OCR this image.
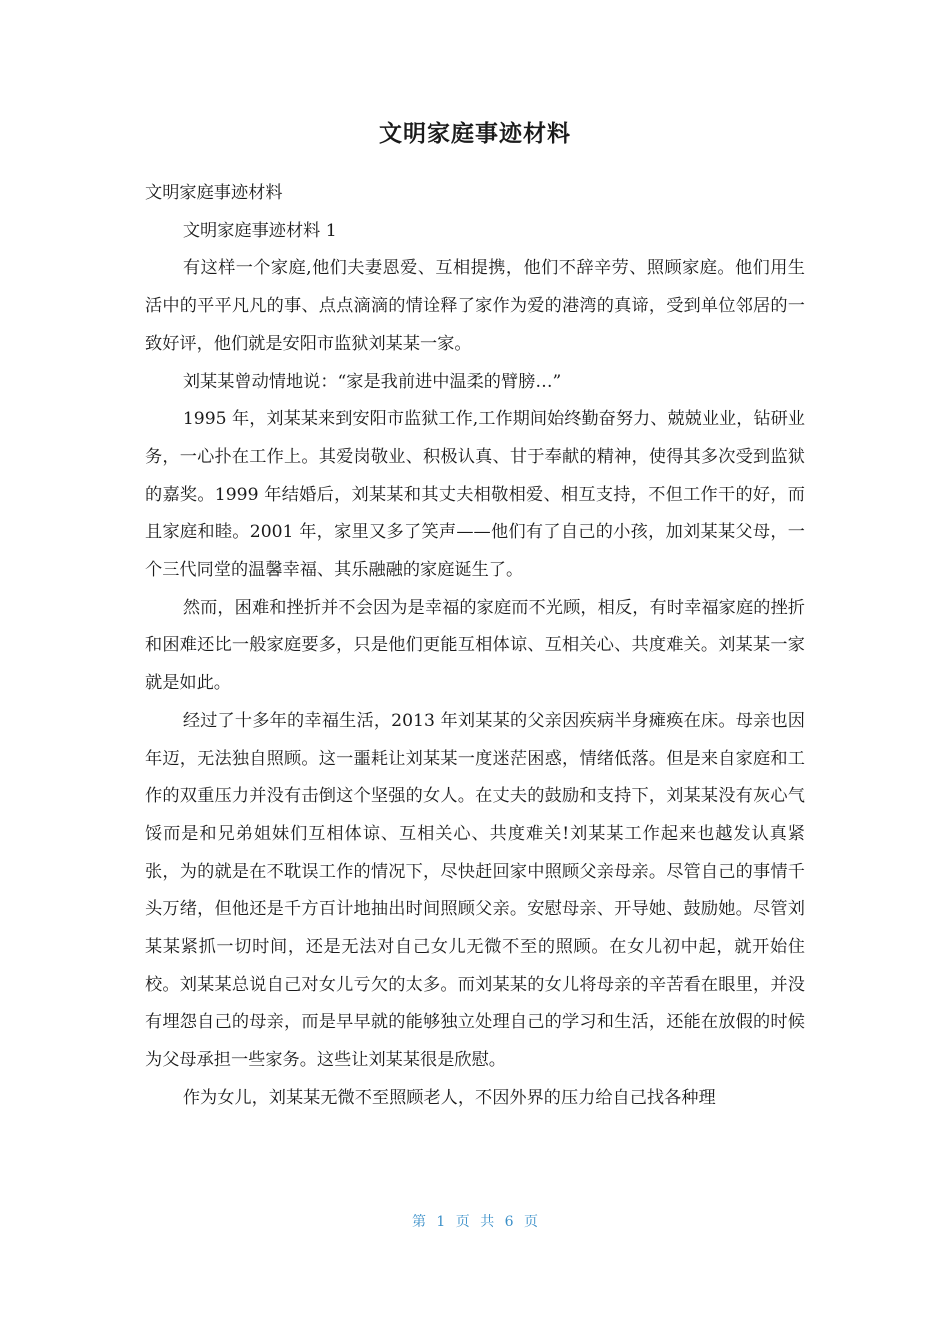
文明家庭事迹材料

文明家庭事迹材料

文明家庭事迹材料 1

有这样一个家庭,他们夫妻恩爱、互相提携，他们不辞辛劳、照顾家庭。他们用生活中的平平凡凡的事、点点滴滴的情诠释了家作为爱的港湾的真谛，受到单位邻居的一致好评，他们就是安阳市监狱刘某某一家。

刘某某曾动情地说：“家是我前进中温柔的臂膀…”

1995 年，刘某某来到安阳市监狱工作,工作期间始终勤奋努力、兢兢业业，钻研业务，一心扑在工作上。其爱岗敬业、积极认真、甘于奉献的精神，使得其多次受到监狱的嘉奖。1999 年结婚后，刘某某和其丈夫相敬相爱、相互支持，不但工作干的好，而且家庭和睦。2001 年，家里又多了笑声——他们有了自己的小孩，加刘某某父母，一个三代同堂的温馨幸福、其乐融融的家庭诞生了。

然而，困难和挫折并不会因为是幸福的家庭而不光顾，相反，有时幸福家庭的挫折和困难还比一般家庭要多，只是他们更能互相体谅、互相关心、共度难关。刘某某一家就是如此。

经过了十多年的幸福生活，2013 年刘某某的父亲因疾病半身瘫痪在床。母亲也因年迈，无法独自照顾。这一噩耗让刘某某一度迷茫困惑，情绪低落。但是来自家庭和工作的双重压力并没有击倒这个坚强的女人。在丈夫的鼓励和支持下，刘某某没有灰心气馁而是和兄弟姐妹们互相体谅、互相关心、共度难关!刘某某工作起来也越发认真紧张，为的就是在不耽误工作的情况下，尽快赶回家中照顾父亲母亲。尽管自己的事情千头万绪，但他还是千方百计地抽出时间照顾父亲。安慰母亲、开导她、鼓励她。尽管刘某某紧抓一切时间，还是无法对自己女儿无微不至的照顾。在女儿初中起，就开始住校。刘某某总说自己对女儿亏欠的太多。而刘某某的女儿将母亲的辛苦看在眼里，并没有埋怨自己的母亲，而是早早就的能够独立处理自己的学习和生活，还能在放假的时候为父母承担一些家务。这些让刘某某很是欣慰。

作为女儿，刘某某无微不至照顾老人，不因外界的压力给自己找各种理

第 1 页 共 6 页
